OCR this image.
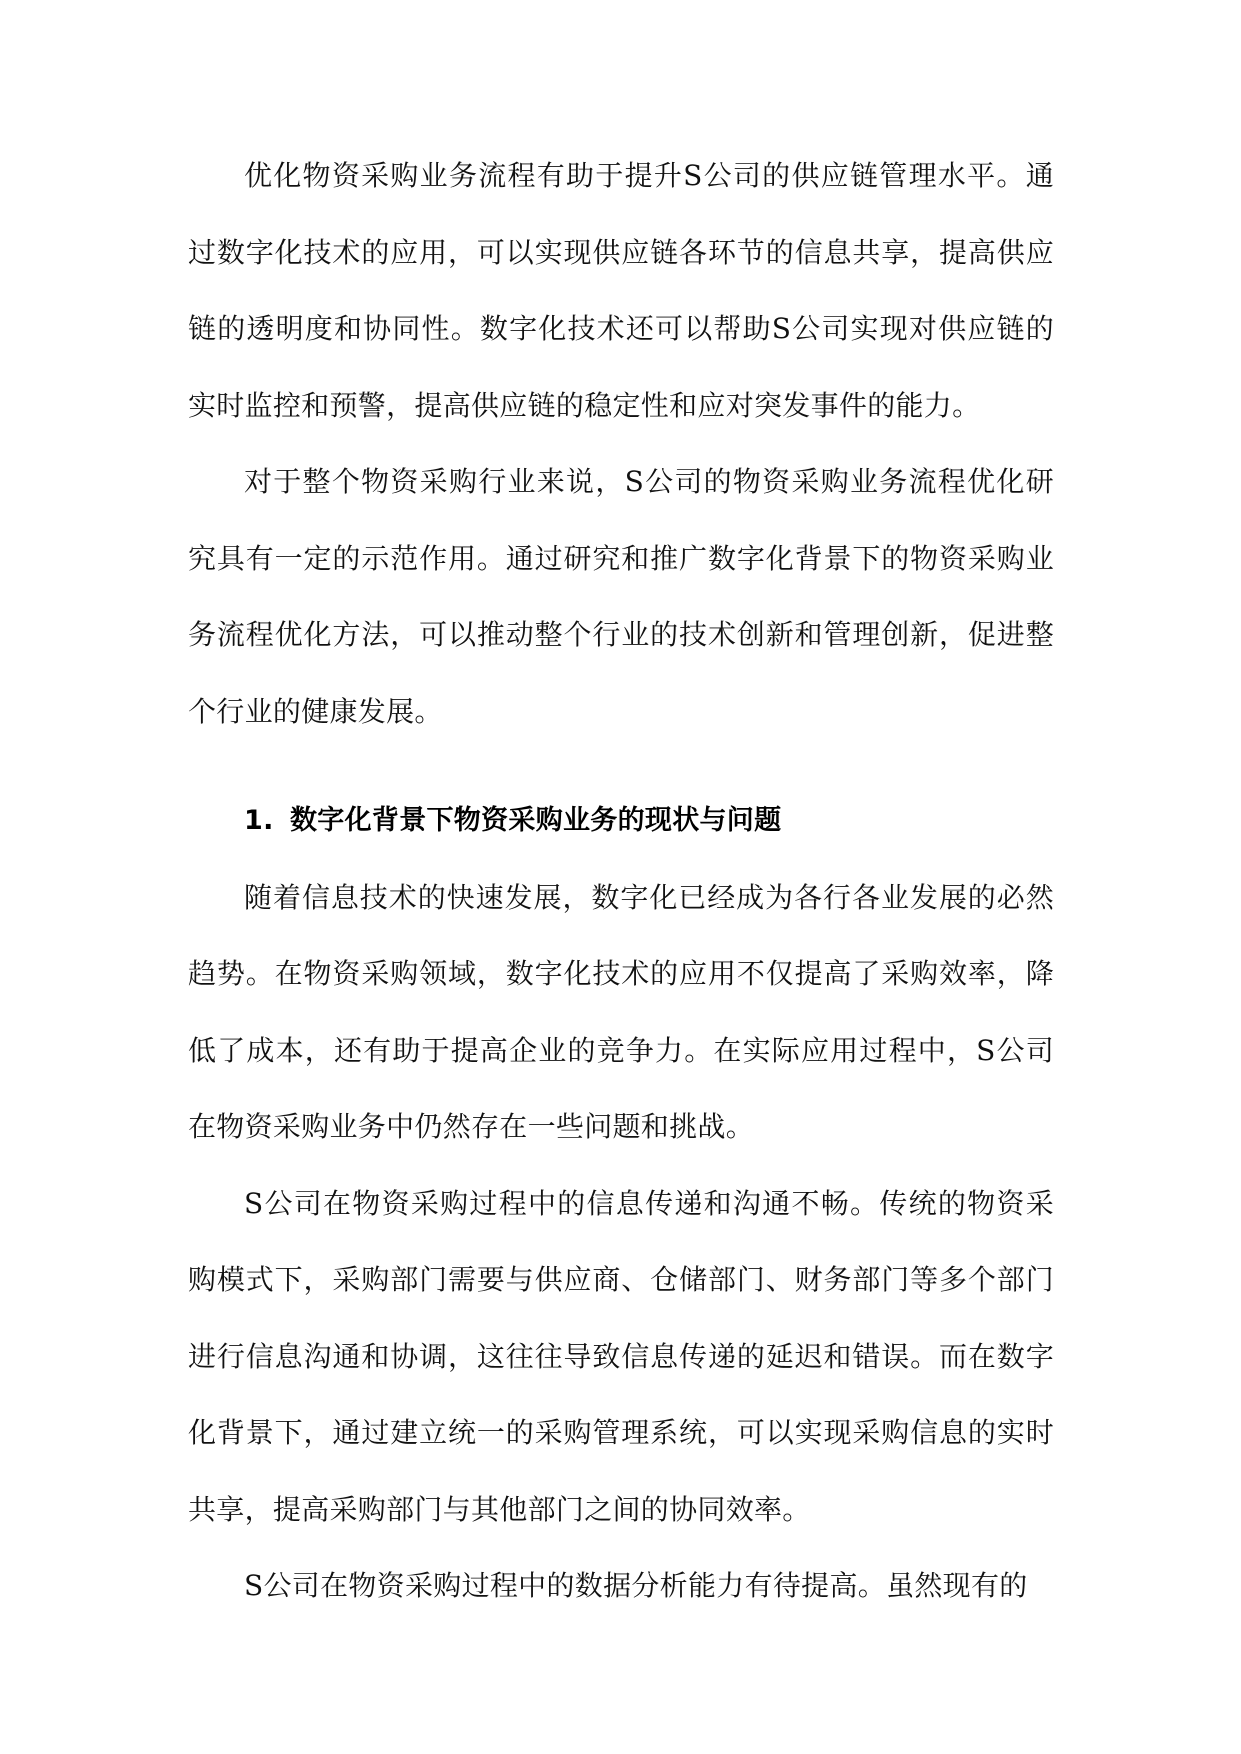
优化物资采购业务流程有助于提升S公司的供应链管理水平。通过数字化技术的应用，可以实现供应链各环节的信息共享，提高供应链的透明度和协同性。数字化技术还可以帮助S公司实现对供应链的实时监控和预警，提高供应链的稳定性和应对突发事件的能力。

对于整个物资采购行业来说，S公司的物资采购业务流程优化研究具有一定的示范作用。通过研究和推广数字化背景下的物资采购业务流程优化方法，可以推动整个行业的技术创新和管理创新，促进整个行业的健康发展。

1. 数字化背景下物资采购业务的现状与问题

随着信息技术的快速发展，数字化已经成为各行各业发展的必然趋势。在物资采购领域，数字化技术的应用不仅提高了采购效率，降低了成本，还有助于提高企业的竞争力。在实际应用过程中，S公司在物资采购业务中仍然存在一些问题和挑战。

S公司在物资采购过程中的信息传递和沟通不畅。传统的物资采购模式下，采购部门需要与供应商、仓储部门、财务部门等多个部门进行信息沟通和协调，这往往导致信息传递的延迟和错误。而在数字化背景下，通过建立统一的采购管理系统，可以实现采购信息的实时共享，提高采购部门与其他部门之间的协同效率。

S公司在物资采购过程中的数据分析能力有待提高。虽然现有的
